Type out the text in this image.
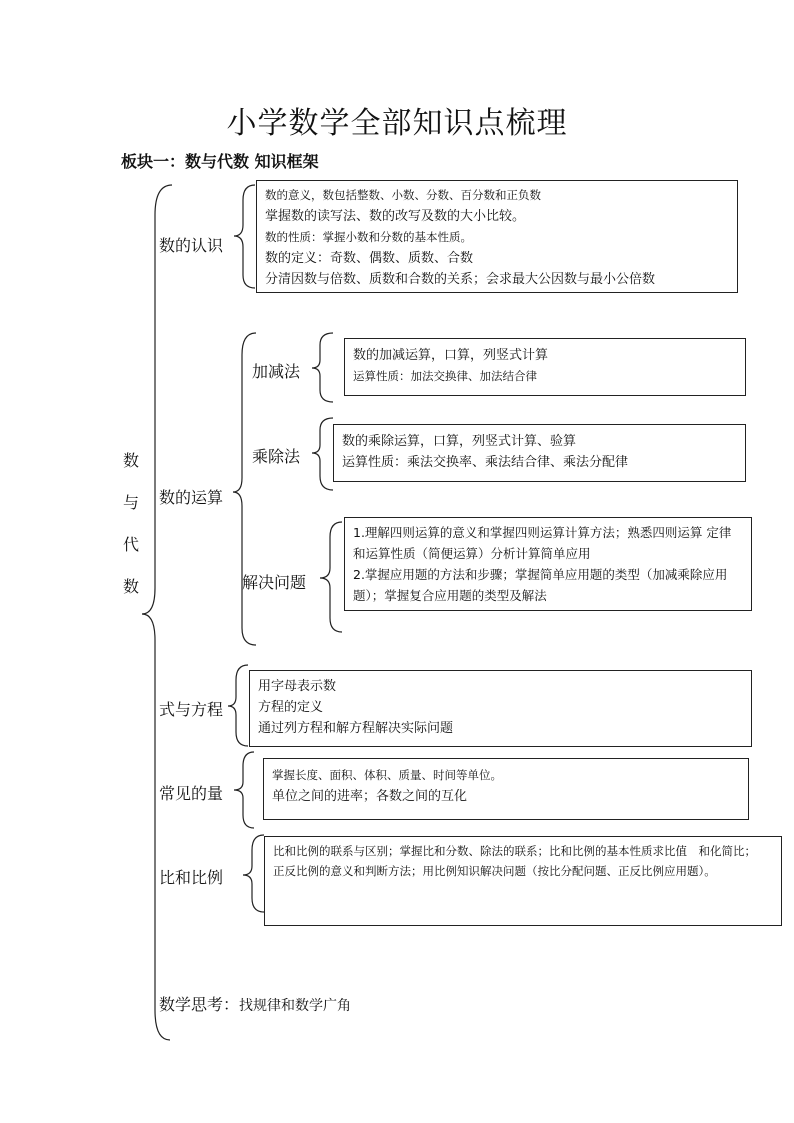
小学数学全部知识点梳理
板块一：数与代数 知识框架
数
与
代
数
数的认识
数的意义，数包括整数、小数、分数、百分数和正负数
掌握数的读写法、数的改写及数的大小比较。
数的性质：掌握小数和分数的基本性质。
数的定义：奇数、偶数、质数、合数
分清因数与倍数、质数和合数的关系；会求最大公因数与最小公倍数
数的运算
加减法
数的加减运算，口算，列竖式计算
运算性质：加法交换律、加法结合律
乘除法
数的乘除运算，口算，列竖式计算、验算
运算性质：乘法交换率、乘法结合律、乘法分配律
解决问题
1.理解四则运算的意义和掌握四则运算计算方法；熟悉四则运算 定律和运算性质（简便运算）分析计算简单应用
2.掌握应用题的方法和步骤；掌握简单应用题的类型（加减乘除应用题）；掌握复合应用题的类型及解法
式与方程
用字母表示数
方程的定义
通过列方程和解方程解决实际问题
常见的量
掌握长度、面积、体积、质量、时间等单位。
单位之间的进率；各数之间的互化
比和比例
比和比例的联系与区别；掌握比和分数、除法的联系；比和比例的基本性质求比值　和化简比；
正反比例的意义和判断方法；用比例知识解决问题（按比分配问题、正反比例应用题）。
数学思考：找规律和数学广角
